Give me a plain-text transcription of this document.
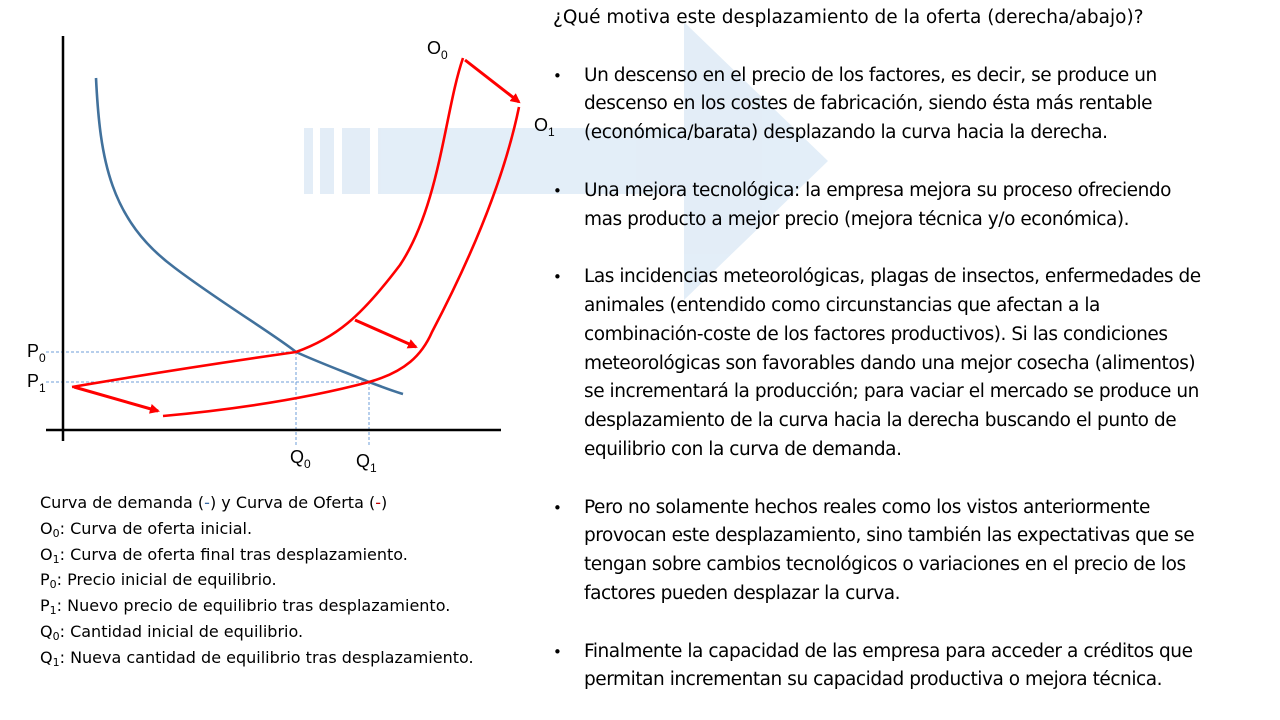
$O_0$
$O_1$
$P_0$
$P_1$
$Q_0$	$Q_1$
Curva de demanda (-) y Curva de Oferta (-)
$O_0$: Curva de oferta inicial.
$O_1$: Curva de oferta final tras desplazamiento.
$P_0$: Precio inicial de equilibrio.
$P_1$: Nuevo precio de equilibrio tras desplazamiento.
$Q_0$: Cantidad inicial de equilibrio.
$Q_1$: Nueva cantidad de equilibrio tras desplazamiento.

¿Qué motiva este desplazamiento de la oferta (derecha/abajo)?

• Un descenso en el precio de los factores, es decir, se produce un
descenso en los costes de fabricación, siendo ésta más rentable
(económica/barata) desplazando la curva hacia la derecha.
• Una mejora tecnológica: la empresa mejora su proceso ofreciendo
mas producto a mejor precio (mejora técnica y/o económica).
• Las incidencias meteorológicas, plagas de insectos, enfermedades de
animales (entendido como circunstancias que afectan a la
combinación-coste de los factores productivos). Si las condiciones
meteorológicas son favorables dando una mejor cosecha (alimentos)
se incrementará la producción; para vaciar el mercado se produce un
desplazamiento de la curva hacia la derecha buscando el punto de
equilibrio con la curva de demanda.
• Pero no solamente hechos reales como los vistos anteriormente
provocan este desplazamiento, sino también las expectativas que se
tengan sobre cambios tecnológicos o variaciones en el precio de los
factores pueden desplazar la curva.
• Finalmente la capacidad de las empresa para acceder a créditos que
permitan incrementan su capacidad productiva o mejora técnica.
